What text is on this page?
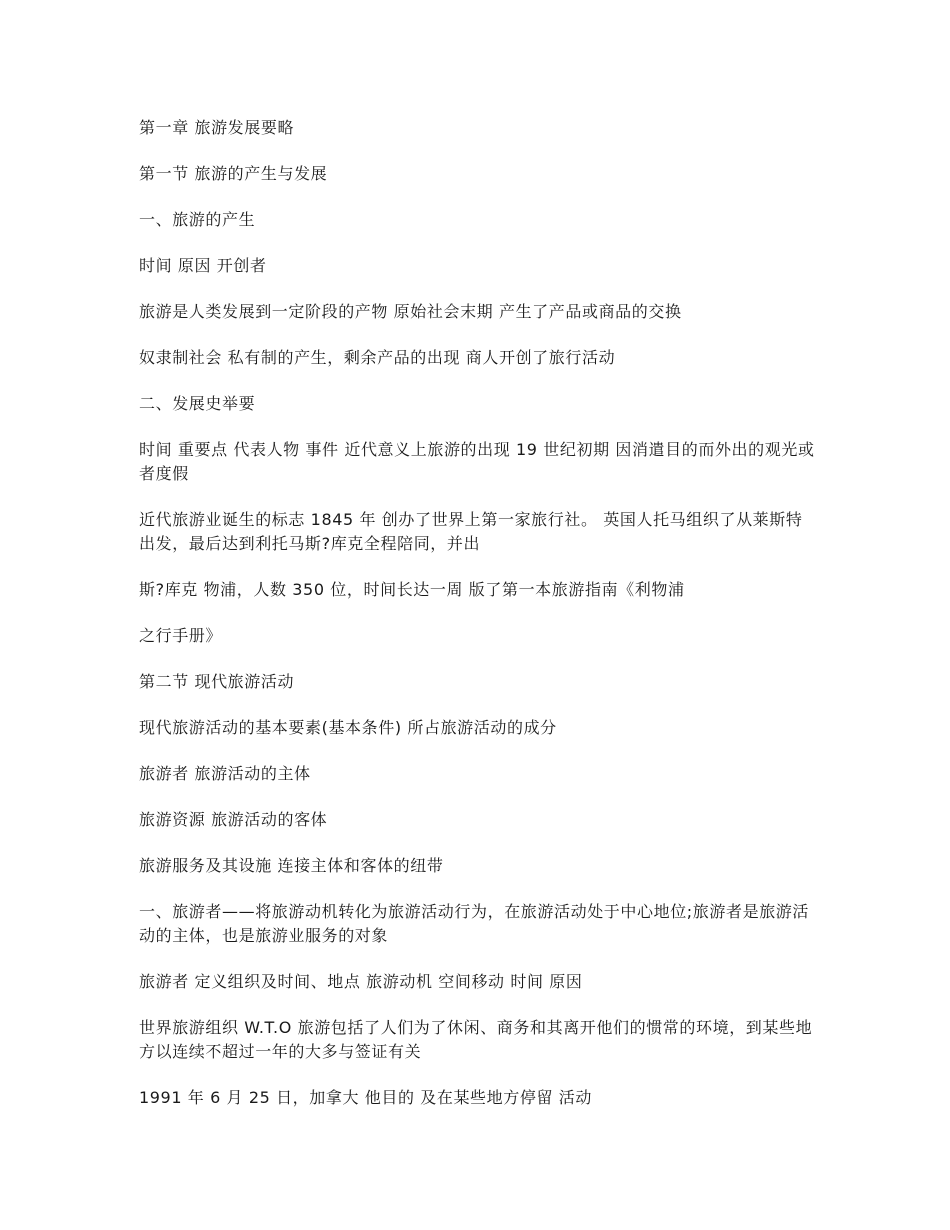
第一章 旅游发展要略

第一节 旅游的产生与发展

一、旅游的产生

时间 原因 开创者

旅游是人类发展到一定阶段的产物 原始社会末期 产生了产品或商品的交换

奴隶制社会 私有制的产生，剩余产品的出现 商人开创了旅行活动

二、发展史举要

时间 重要点 代表人物 事件 近代意义上旅游的出现 19 世纪初期 因消遣目的而外出的观光或者度假

近代旅游业诞生的标志 1845 年 创办了世界上第一家旅行社。 英国人托马组织了从莱斯特出发，最后达到利托马斯?库克全程陪同，并出

斯?库克 物浦，人数 350 位，时间长达一周 版了第一本旅游指南《利物浦

之行手册》

第二节 现代旅游活动

现代旅游活动的基本要素(基本条件) 所占旅游活动的成分

旅游者 旅游活动的主体

旅游资源 旅游活动的客体

旅游服务及其设施 连接主体和客体的纽带

一、旅游者——将旅游动机转化为旅游活动行为，在旅游活动处于中心地位;旅游者是旅游活动的主体，也是旅游业服务的对象

旅游者 定义组织及时间、地点 旅游动机 空间移动 时间 原因

世界旅游组织 W.T.O 旅游包括了人们为了休闲、商务和其离开他们的惯常的环境，到某些地方以连续不超过一年的大多与签证有关

1991 年 6 月 25 日，加拿大 他目的 及在某些地方停留 活动
